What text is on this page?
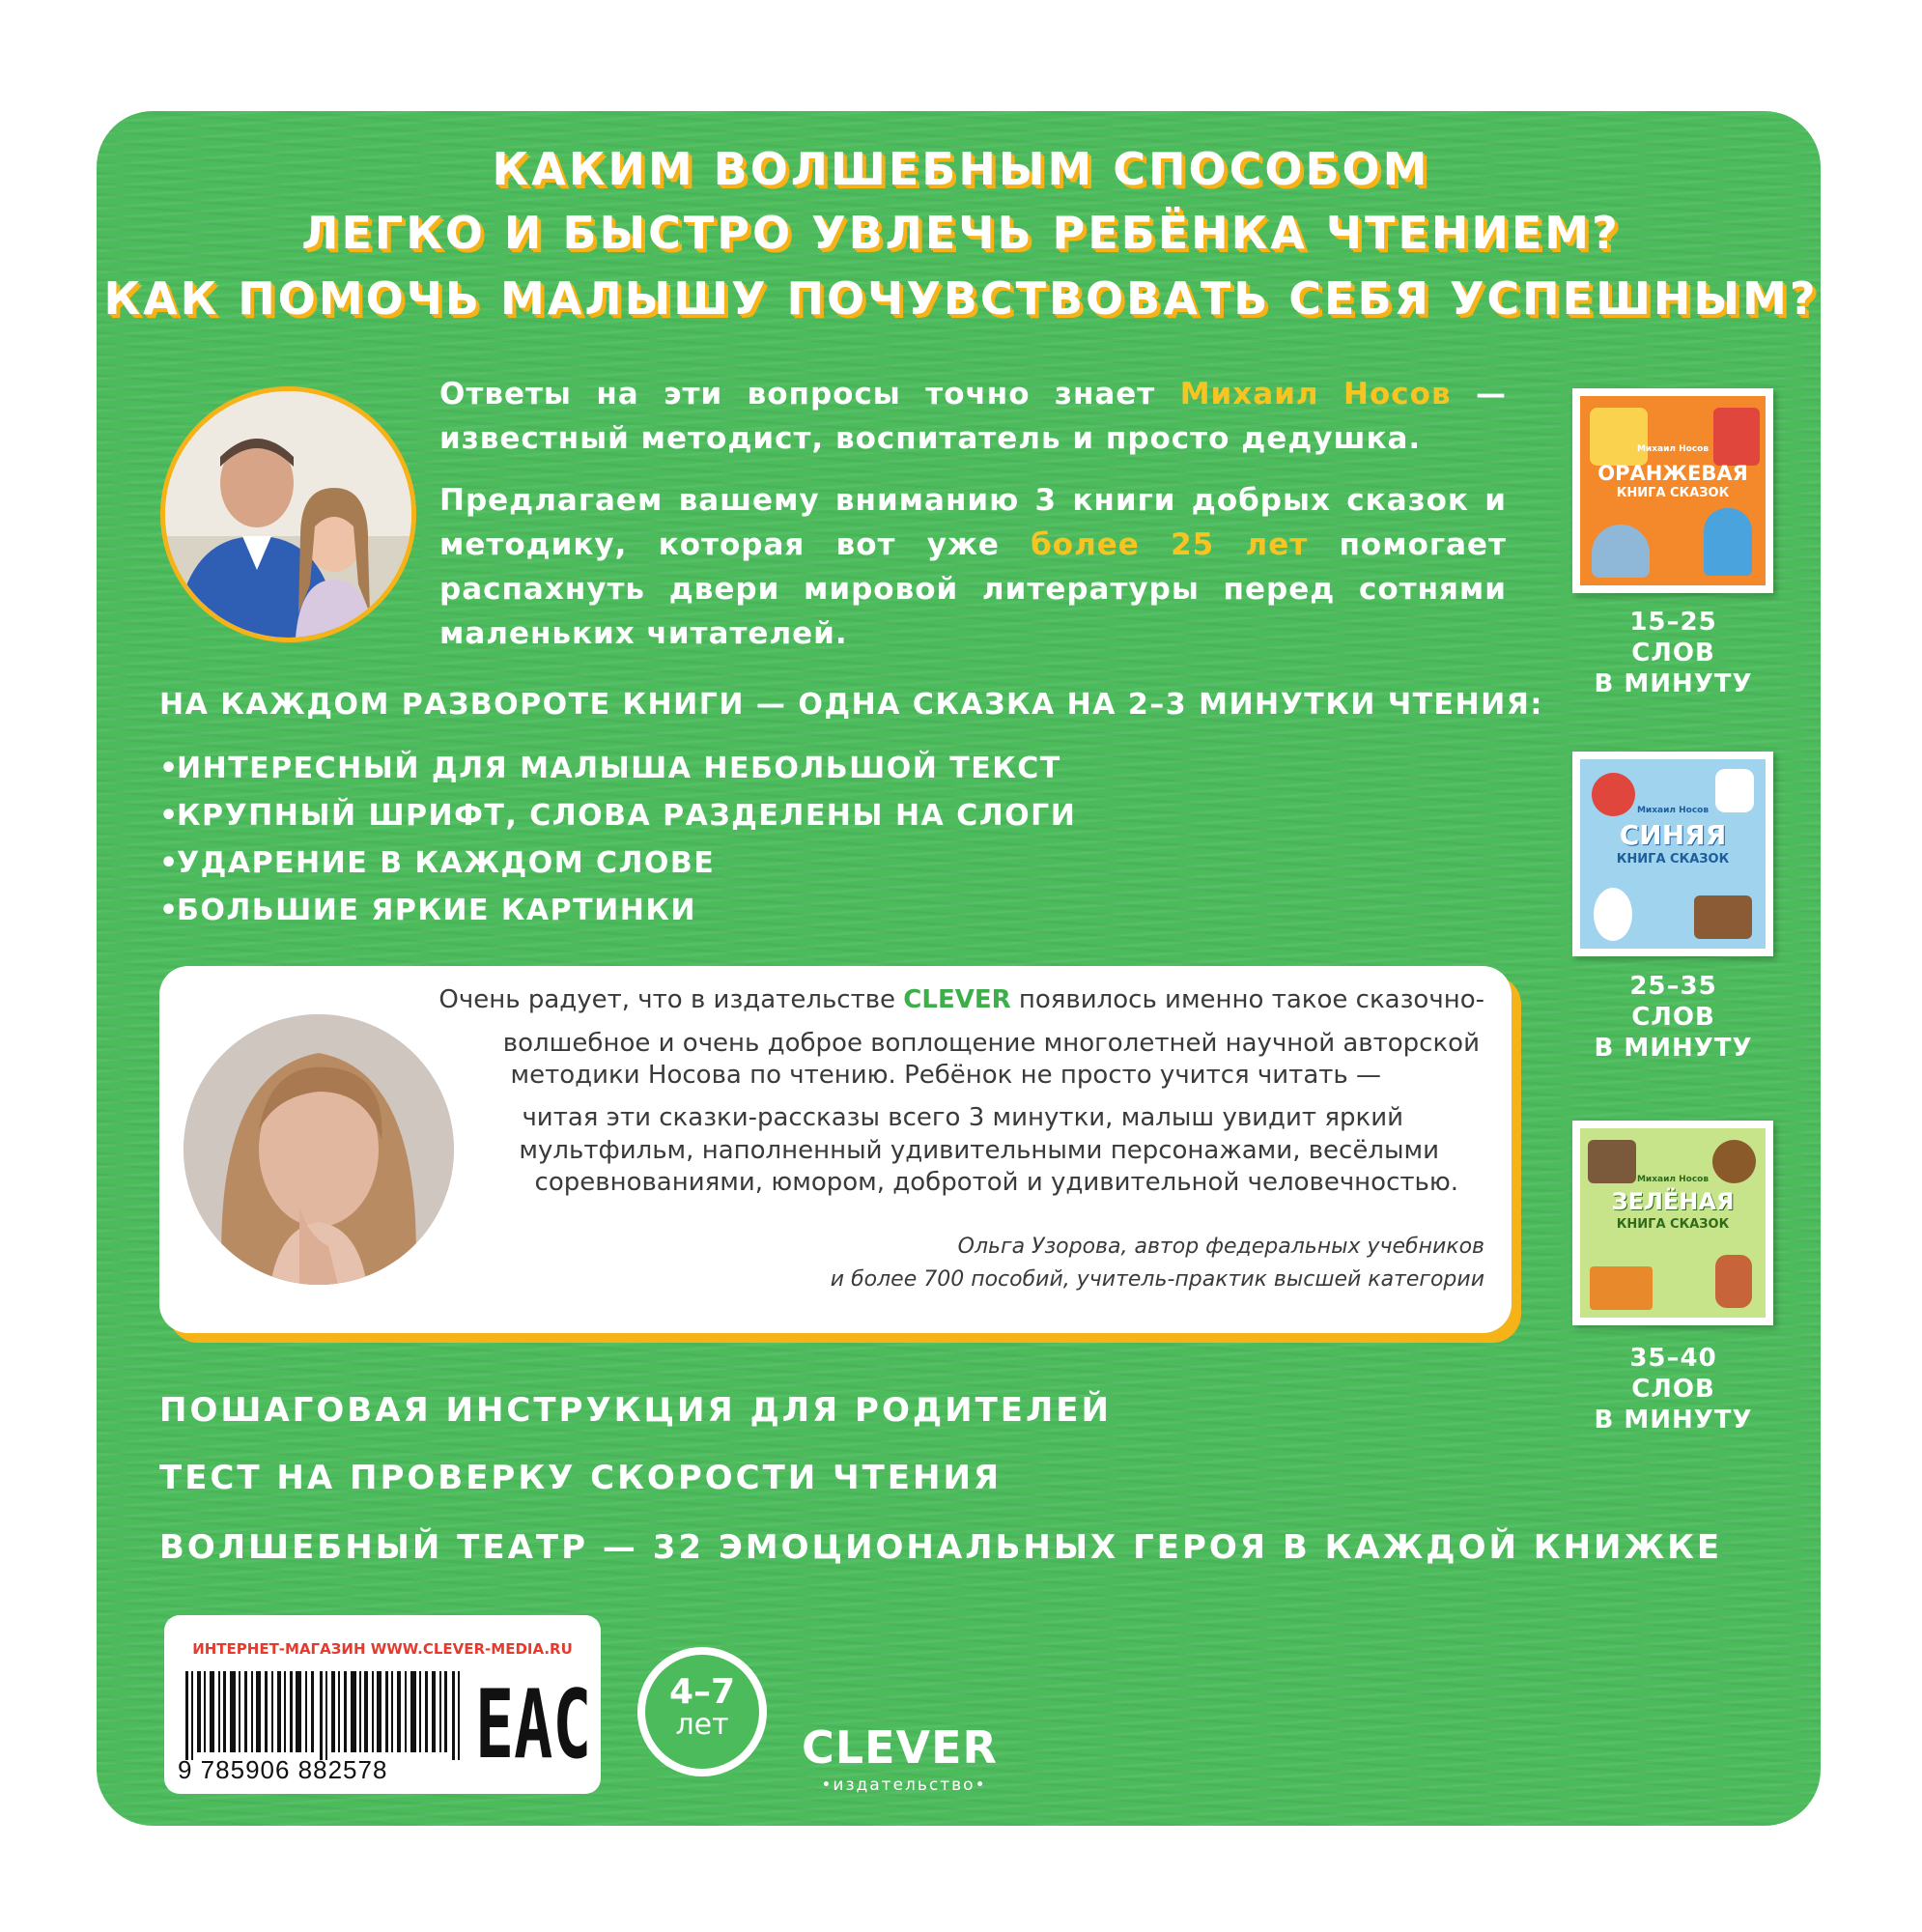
КАКИМ ВОЛШЕБНЫМ СПОСОБОМ
ЛЕГКО И БЫСТРО УВЛЕЧЬ РЕБЁНКА ЧТЕНИЕМ?
КАК ПОМОЧЬ МАЛЫШУ ПОЧУВСТВОВАТЬ СЕБЯ УСПЕШНЫМ?
Ответы на эти вопросы точно знает Михаил Носов — известный методист, воспитатель и просто дедушка.
Предлагаем вашему вниманию 3 книги добрых сказок и методику, которая вот уже более 25 лет помогает распахнуть двери мировой литературы перед сотнями маленьких читателей.
НА КАЖДОМ РАЗВОРОТЕ КНИГИ — ОДНА СКАЗКА НА 2–3 МИНУТКИ ЧТЕНИЯ:
•ИНТЕРЕСНЫЙ ДЛЯ МАЛЫША НЕБОЛЬШОЙ ТЕКСТ
•КРУПНЫЙ ШРИФТ, СЛОВА РАЗДЕЛЕНЫ НА СЛОГИ
•УДАРЕНИЕ В КАЖДОМ СЛОВЕ
•БОЛЬШИЕ ЯРКИЕ КАРТИНКИ
Очень радует, что в издательстве CLEVER появилось именно такое сказочно-
волшебное и очень доброе воплощение многолетней научной авторской
методики Носова по чтению. Ребёнок не просто учится читать —
читая эти сказки-рассказы всего 3 минутки, малыш увидит яркий
мультфильм, наполненный удивительными персонажами, весёлыми
соревнованиями, юмором, добротой и удивительной человечностью.
Ольга Узорова, автор федеральных учебников
и более 700 пособий, учитель-практик высшей категории
ПОШАГОВАЯ ИНСТРУКЦИЯ ДЛЯ РОДИТЕЛЕЙ
ТЕСТ НА ПРОВЕРКУ СКОРОСТИ ЧТЕНИЯ
ВОЛШЕБНЫЙ ТЕАТР — 32 ЭМОЦИОНАЛЬНЫХ ГЕРОЯ В КАЖДОЙ КНИЖКЕ
Михаил Носов
ОРАНЖЕВАЯ
КНИГА СКАЗОК
15–25
СЛОВ
В МИНУТУ
Михаил Носов
СИНЯЯ
КНИГА СКАЗОК
25–35
СЛОВ
В МИНУТУ
Михаил Носов
ЗЕЛЁНАЯ
КНИГА СКАЗОК
35–40
СЛОВ
В МИНУТУ
ИНТЕРНЕТ-МАГАЗИН WWW.CLEVER-MEDIA.RU
9 785906 882578 EAC	4–7
лет	CLEVER
•издательство•
